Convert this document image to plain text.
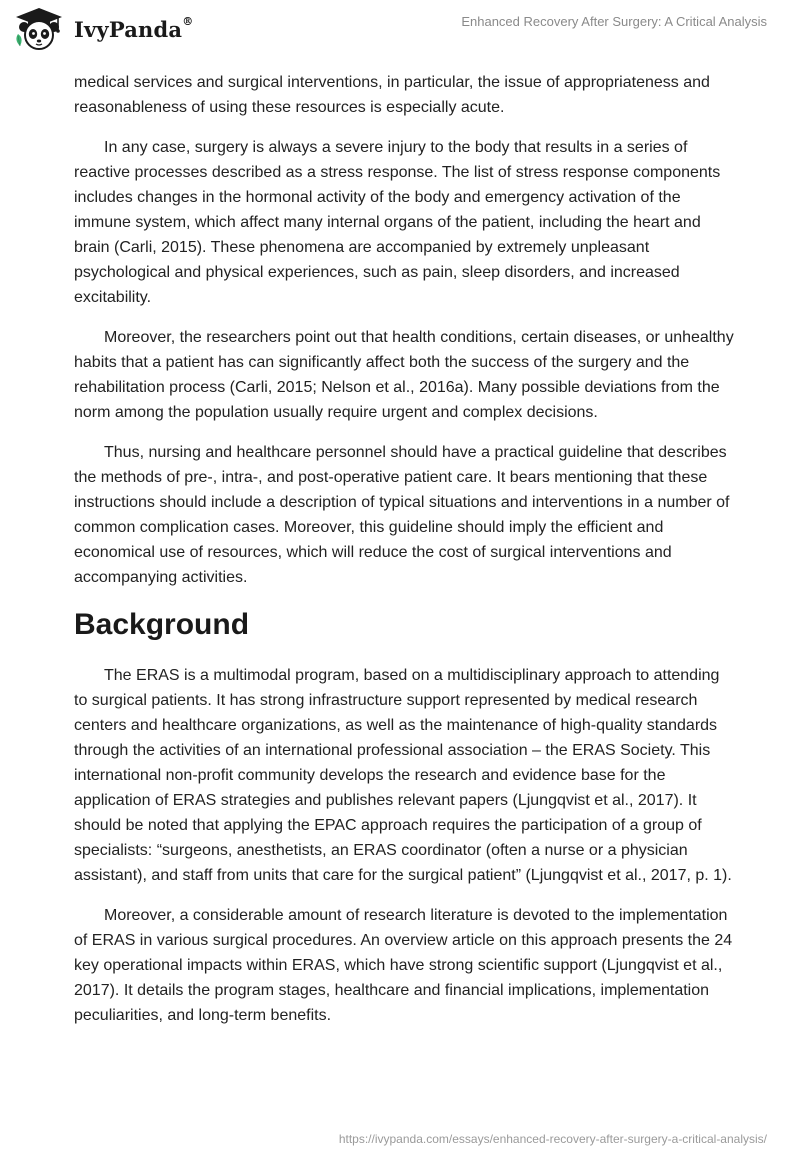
IvyPanda®	Enhanced Recovery After Surgery: A Critical Analysis

medical services and surgical interventions, in particular, the issue of appropriateness and reasonableness of using these resources is especially acute.

In any case, surgery is always a severe injury to the body that results in a series of reactive processes described as a stress response. The list of stress response components includes changes in the hormonal activity of the body and emergency activation of the immune system, which affect many internal organs of the patient, including the heart and brain (Carli, 2015). These phenomena are accompanied by extremely unpleasant psychological and physical experiences, such as pain, sleep disorders, and increased excitability.

Moreover, the researchers point out that health conditions, certain diseases, or unhealthy habits that a patient has can significantly affect both the success of the surgery and the rehabilitation process (Carli, 2015; Nelson et al., 2016a). Many possible deviations from the norm among the population usually require urgent and complex decisions.

Thus, nursing and healthcare personnel should have a practical guideline that describes the methods of pre-, intra-, and post-operative patient care. It bears mentioning that these instructions should include a description of typical situations and interventions in a number of common complication cases. Moreover, this guideline should imply the efficient and economical use of resources, which will reduce the cost of surgical interventions and accompanying activities.

Background

The ERAS is a multimodal program, based on a multidisciplinary approach to attending to surgical patients. It has strong infrastructure support represented by medical research centers and healthcare organizations, as well as the maintenance of high-quality standards through the activities of an international professional association – the ERAS Society. This international non-profit community develops the research and evidence base for the application of ERAS strategies and publishes relevant papers (Ljungqvist et al., 2017). It should be noted that applying the EPAC approach requires the participation of a group of specialists: “surgeons, anesthetists, an ERAS coordinator (often a nurse or a physician assistant), and staff from units that care for the surgical patient” (Ljungqvist et al., 2017, p. 1).

Moreover, a considerable amount of research literature is devoted to the implementation of ERAS in various surgical procedures. An overview article on this approach presents the 24 key operational impacts within ERAS, which have strong scientific support (Ljungqvist et al., 2017). It details the program stages, healthcare and financial implications, implementation peculiarities, and long-term benefits.

https://ivypanda.com/essays/enhanced-recovery-after-surgery-a-critical-analysis/
